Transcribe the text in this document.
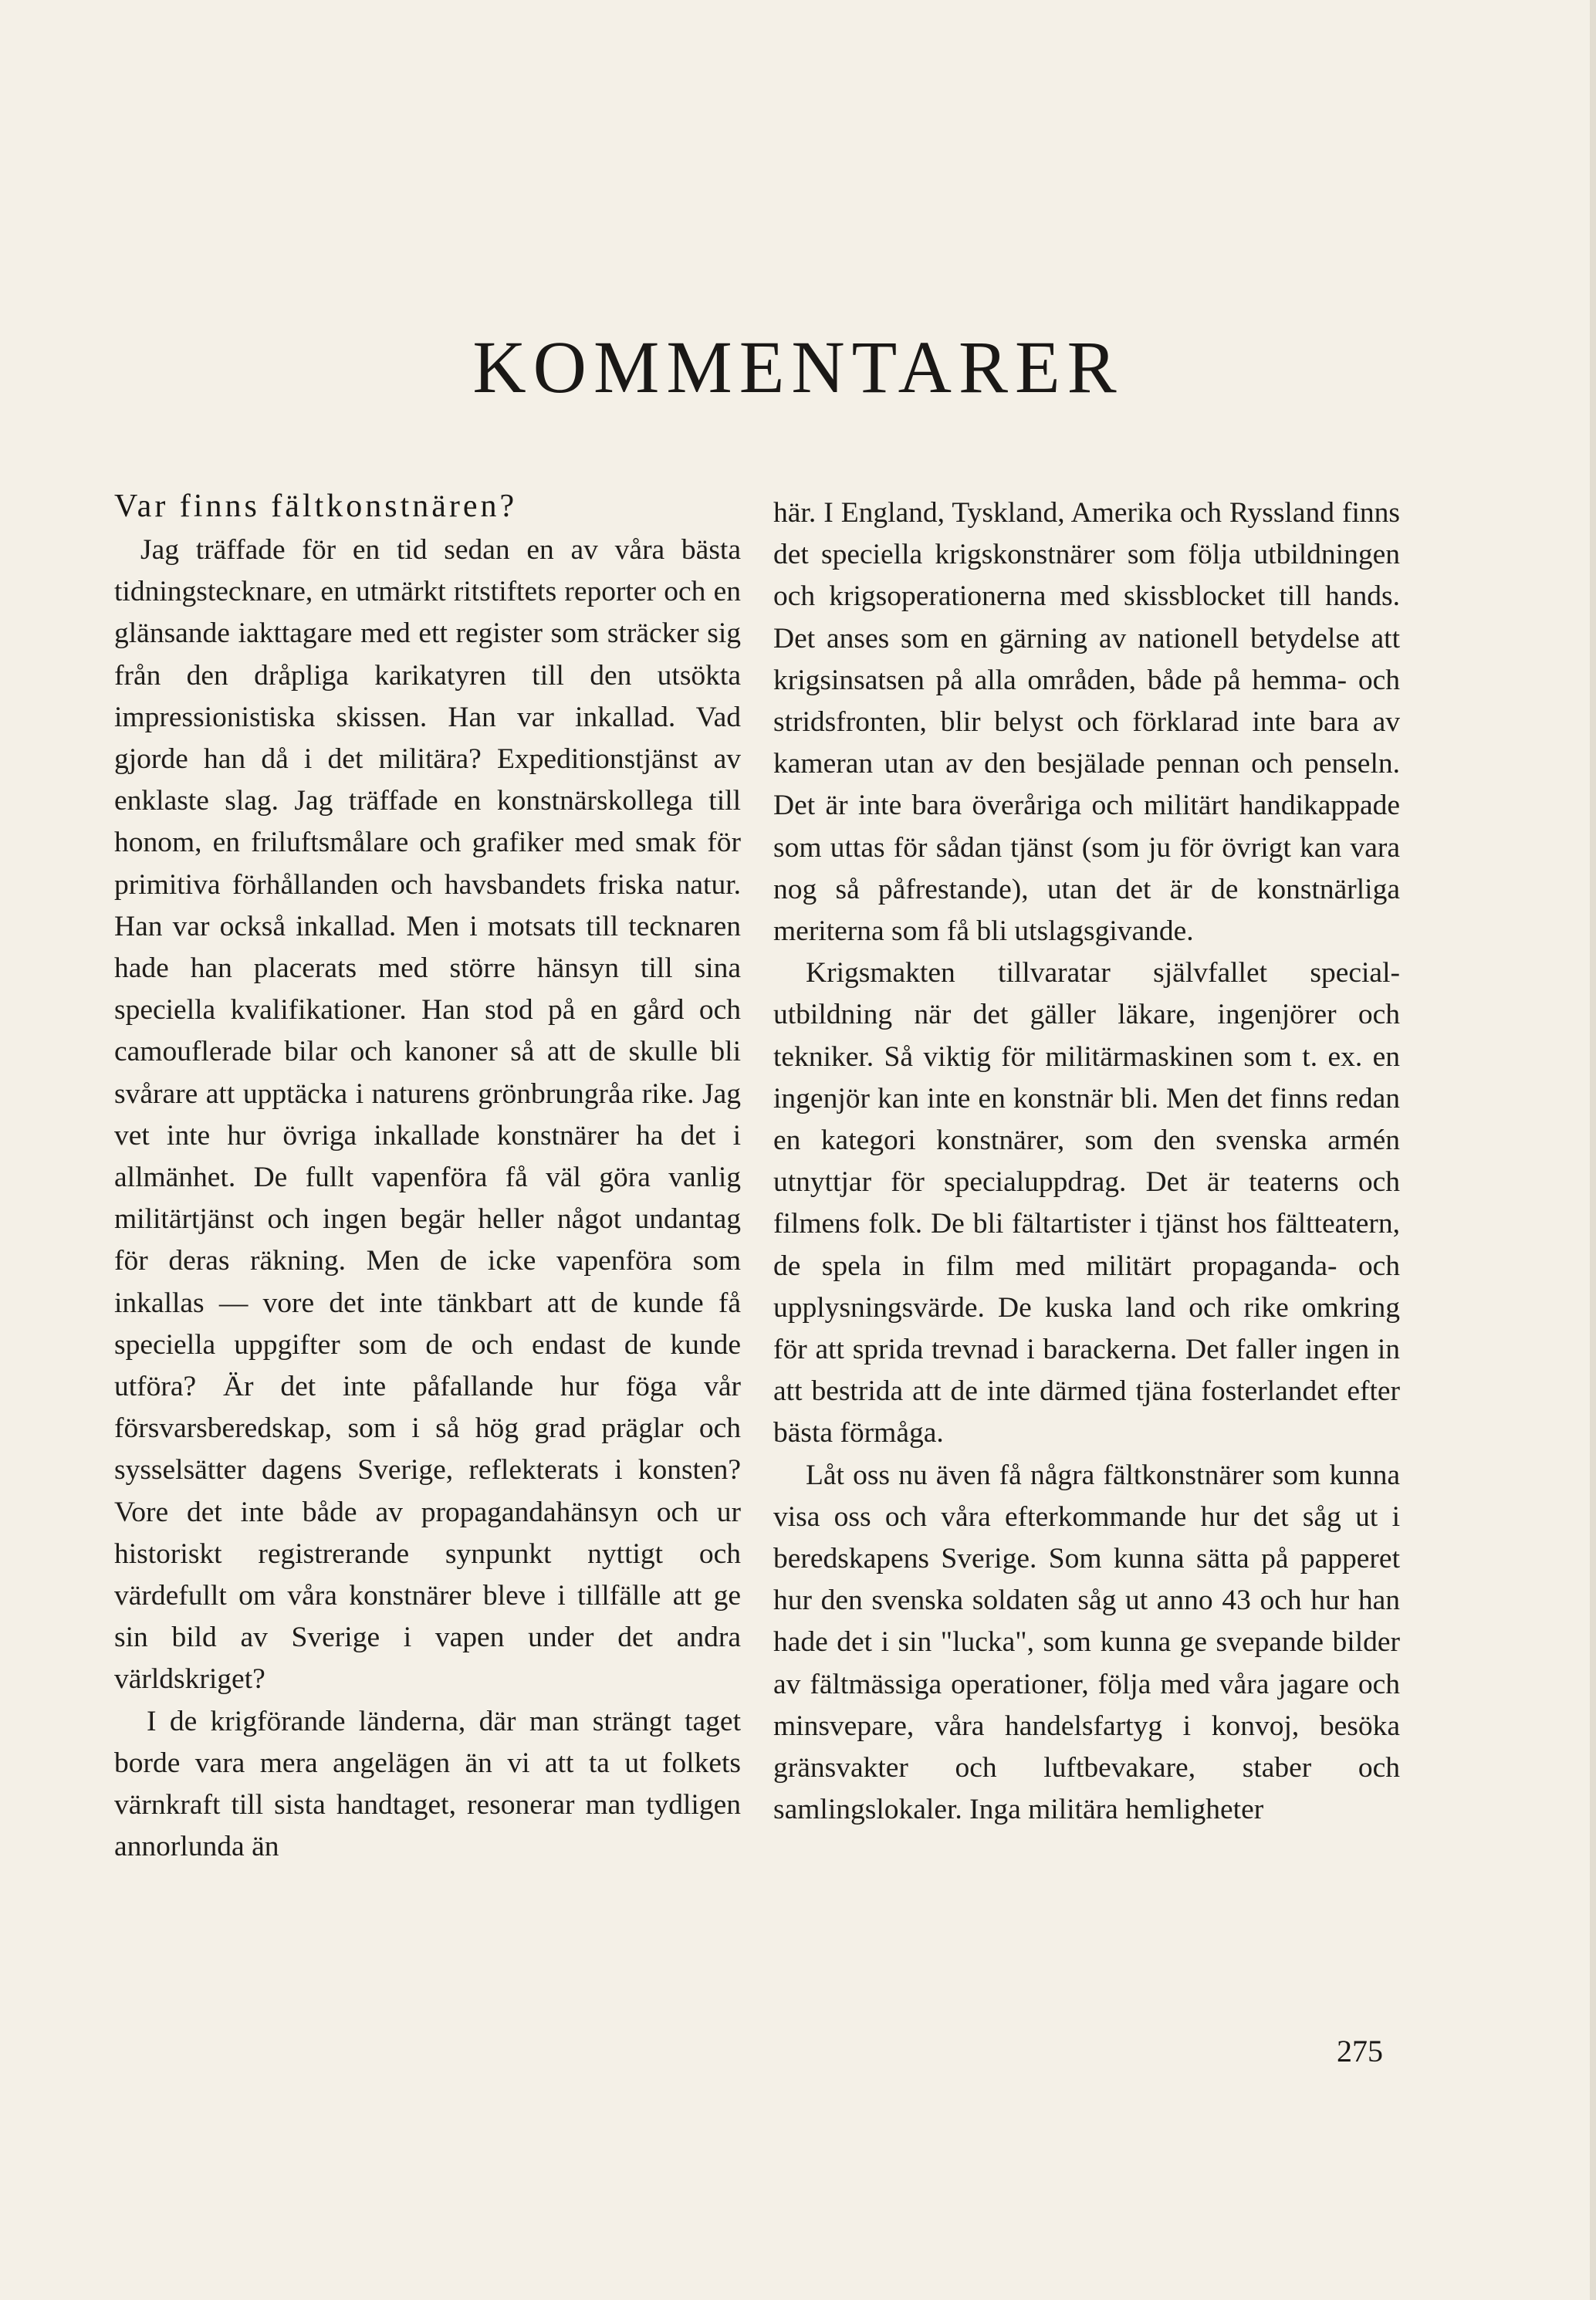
KOMMENTARER
Var finns fältkonstnären?

Jag träffade för en tid sedan en av våra bästa tidningstecknare, en utmärkt ritstiftets reporter och en glänsande iakttagare med ett register som sträcker sig från den dråpliga karikatyren till den utsökta impressionistiska skissen. Han var inkallad. Vad gjorde han då i det militära? Expeditionstjänst av enklaste slag. Jag träffade en konstnärskollega till honom, en friluftsmålare och grafiker med smak för primitiva förhållanden och havsbandets friska natur. Han var också inkallad. Men i motsats till tecknaren hade han placerats med större hänsyn till sina speciella kvalifikationer. Han stod på en gård och camouflerade bilar och kanoner så att de skulle bli svårare att upptäcka i naturens grönbrungråa rike. Jag vet inte hur övriga inkallade konstnärer ha det i allmänhet. De fullt vapenföra få väl göra vanlig militärtjänst och ingen begär heller något undantag för deras räkning. Men de icke vapenföra som inkallas — vore det inte tänkbart att de kunde få speciella uppgifter som de och endast de kunde utföra? Är det inte påfallande hur föga vår försvarsberedskap, som i så hög grad präglar och sysselsätter dagens Sverige, reflekterats i konsten? Vore det inte både av propagandahänsyn och ur historiskt registrerande synpunkt nyttigt och värdefullt om våra konstnärer bleve i tillfälle att ge sin bild av Sverige i vapen under det andra världskriget?

I de krigförande länderna, där man strängt taget borde vara mera angelägen än vi att ta ut folkets värnkraft till sista handtaget, resonerar man tydligen annorlunda än

här. I England, Tyskland, Amerika och Ryssland finns det speciella krigskonstnärer som följa utbildningen och krigsoperationerna med skissblocket till hands. Det anses som en gärning av nationell betydelse att krigsinsatsen på alla områden, både på hemma- och stridsfronten, blir belyst och förklarad inte bara av kameran utan av den besjälade pennan och penseln. Det är inte bara överåriga och militärt handikappade som uttas för sådan tjänst (som ju för övrigt kan vara nog så påfrestande), utan det är de konstnärliga meriterna som få bli utslagsgivande.

Krigsmakten tillvaratar självfallet specialutbildning när det gäller läkare, ingenjörer och tekniker. Så viktig för militärmaskinen som t. ex. en ingenjör kan inte en konstnär bli. Men det finns redan en kategori konstnärer, som den svenska armén utnyttjar för specialuppdrag. Det är teaterns och filmens folk. De bli fältartister i tjänst hos fältteatern, de spela in film med militärt propaganda- och upplysningsvärde. De kuska land och rike omkring för att sprida trevnad i barackerna. Det faller ingen in att bestrida att de inte därmed tjäna fosterlandet efter bästa förmåga.

Låt oss nu även få några fältkonstnärer som kunna visa oss och våra efterkommande hur det såg ut i beredskapens Sverige. Som kunna sätta på papperet hur den svenska soldaten såg ut anno 43 och hur han hade det i sin "lucka", som kunna ge svepande bilder av fältmässiga operationer, följa med våra jagare och minsvepare, våra handelsfartyg i konvoj, besöka gränsvakter och luftbevakare, staber och samlingslokaler. Inga militära hemligheter

275
